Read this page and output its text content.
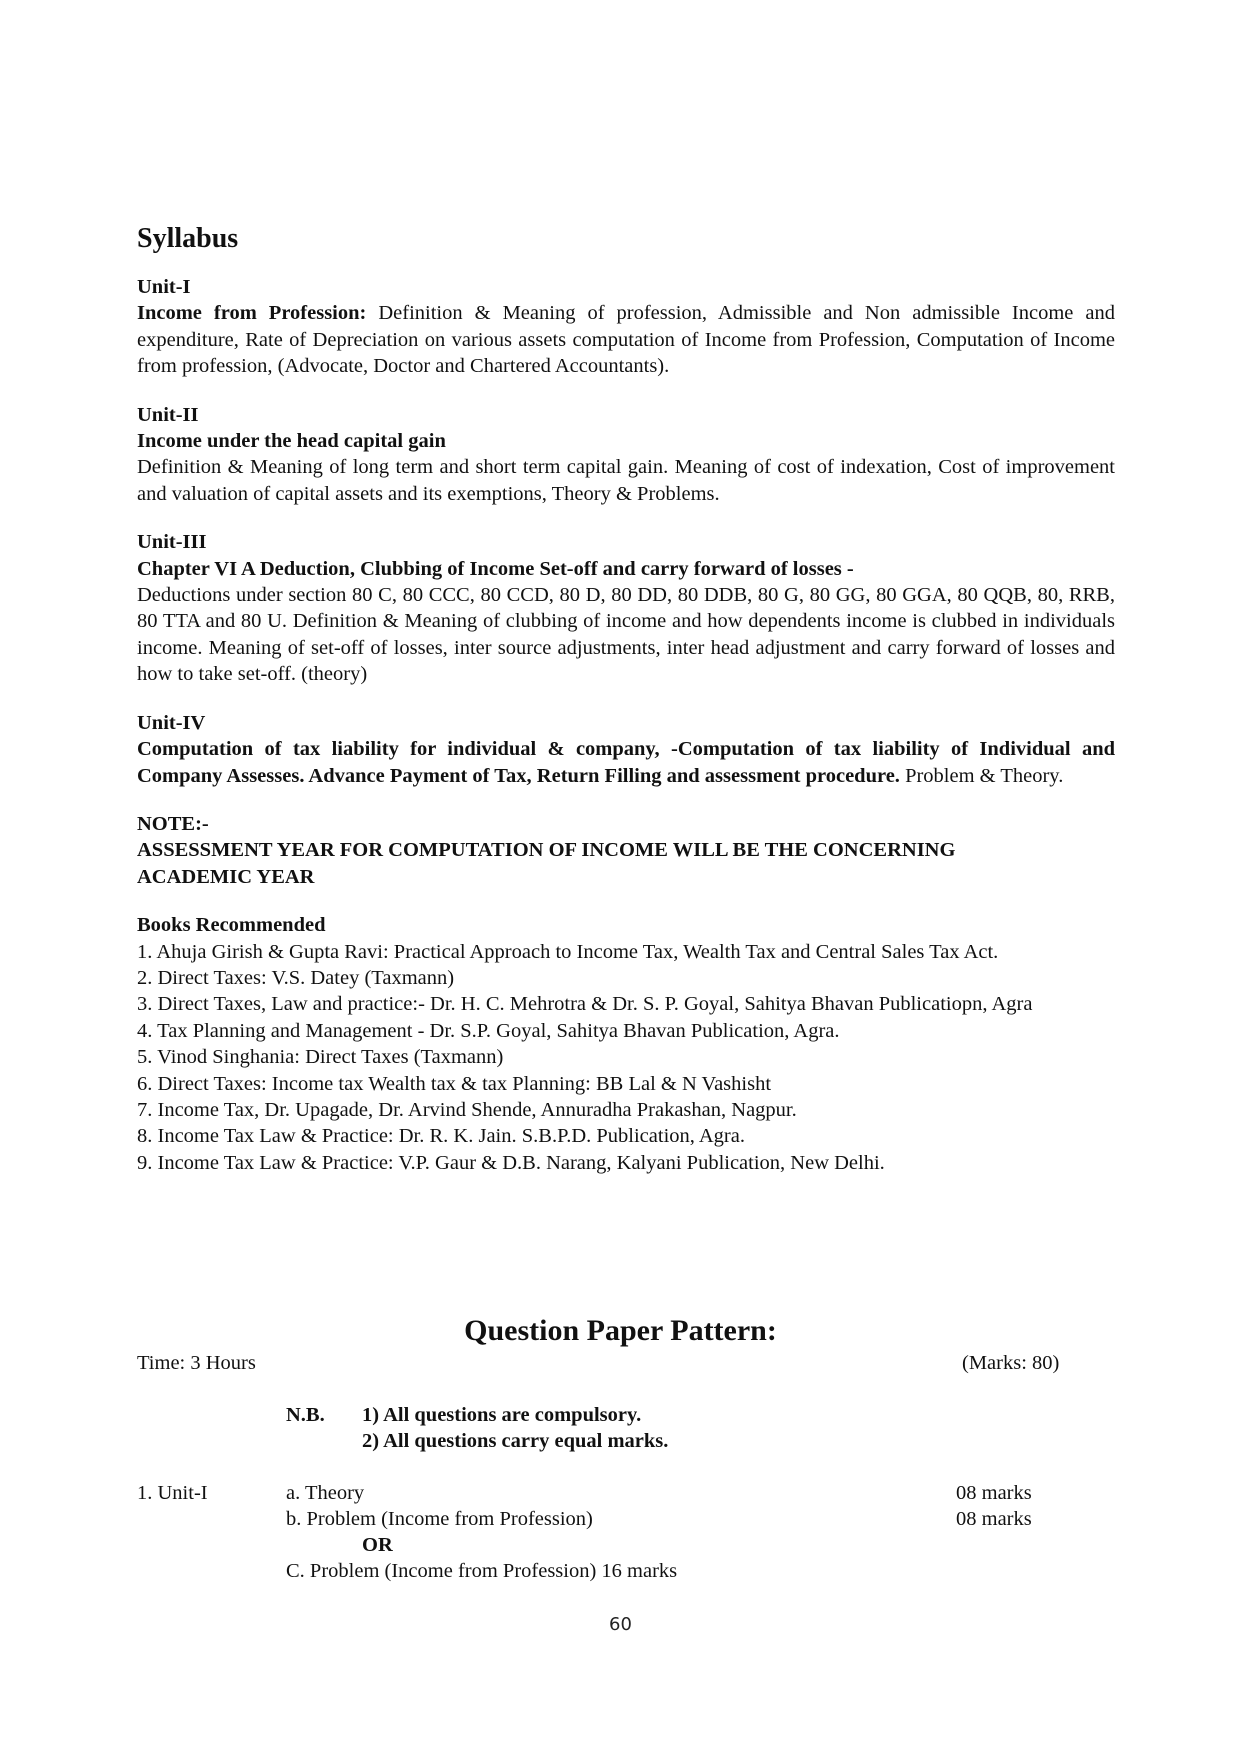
Syllabus
Unit-I
Income from Profession: Definition & Meaning of profession, Admissible and Non admissible Income and expenditure, Rate of Depreciation on various assets computation of Income from Profession, Computation of Income from profession, (Advocate, Doctor and Chartered Accountants).
Unit-II
Income under the head capital gain
Definition & Meaning of long term and short term capital gain. Meaning of cost of indexation, Cost of improvement and valuation of capital assets and its exemptions, Theory & Problems.
Unit-III
Chapter VI A Deduction, Clubbing of Income Set-off and carry forward of losses -
Deductions under section 80 C, 80 CCC, 80 CCD, 80 D, 80 DD, 80 DDB, 80 G, 80 GG, 80 GGA, 80 QQB, 80, RRB, 80 TTA and 80 U. Definition & Meaning of clubbing of income and how dependents income is clubbed in individuals income. Meaning of set-off of losses, inter source adjustments, inter head adjustment and carry forward of losses and how to take set-off. (theory)
Unit-IV
Computation of tax liability for individual & company, -Computation of tax liability of Individual and Company Assesses. Advance Payment of Tax, Return Filling and assessment procedure. Problem & Theory.
NOTE:-
ASSESSMENT YEAR FOR COMPUTATION OF INCOME WILL BE THE CONCERNING ACADEMIC YEAR
Books Recommended
1. Ahuja Girish & Gupta Ravi: Practical Approach to Income Tax, Wealth Tax and Central Sales Tax Act.
2. Direct Taxes: V.S. Datey (Taxmann)
3. Direct Taxes, Law and practice:- Dr. H. C. Mehrotra & Dr. S. P. Goyal, Sahitya Bhavan Publicatiopn, Agra
4. Tax Planning and Management - Dr. S.P. Goyal, Sahitya Bhavan Publication, Agra.
5. Vinod Singhania: Direct Taxes (Taxmann)
6. Direct Taxes: Income tax Wealth tax & tax Planning: BB Lal & N Vashisht
7. Income Tax, Dr. Upagade, Dr. Arvind Shende, Annuradha Prakashan, Nagpur.
8. Income Tax Law & Practice: Dr. R. K. Jain. S.B.P.D. Publication, Agra.
9. Income Tax Law & Practice: V.P. Gaur & D.B. Narang, Kalyani Publication, New Delhi.
Question Paper Pattern:
Time: 3 Hours	(Marks: 80)
N.B. 1) All questions are compulsory.
2) All questions carry equal marks.
1. Unit-I	a. Theory	08 marks
b. Problem (Income from Profession)	08 marks
OR
C. Problem (Income from Profession) 16 marks
60
